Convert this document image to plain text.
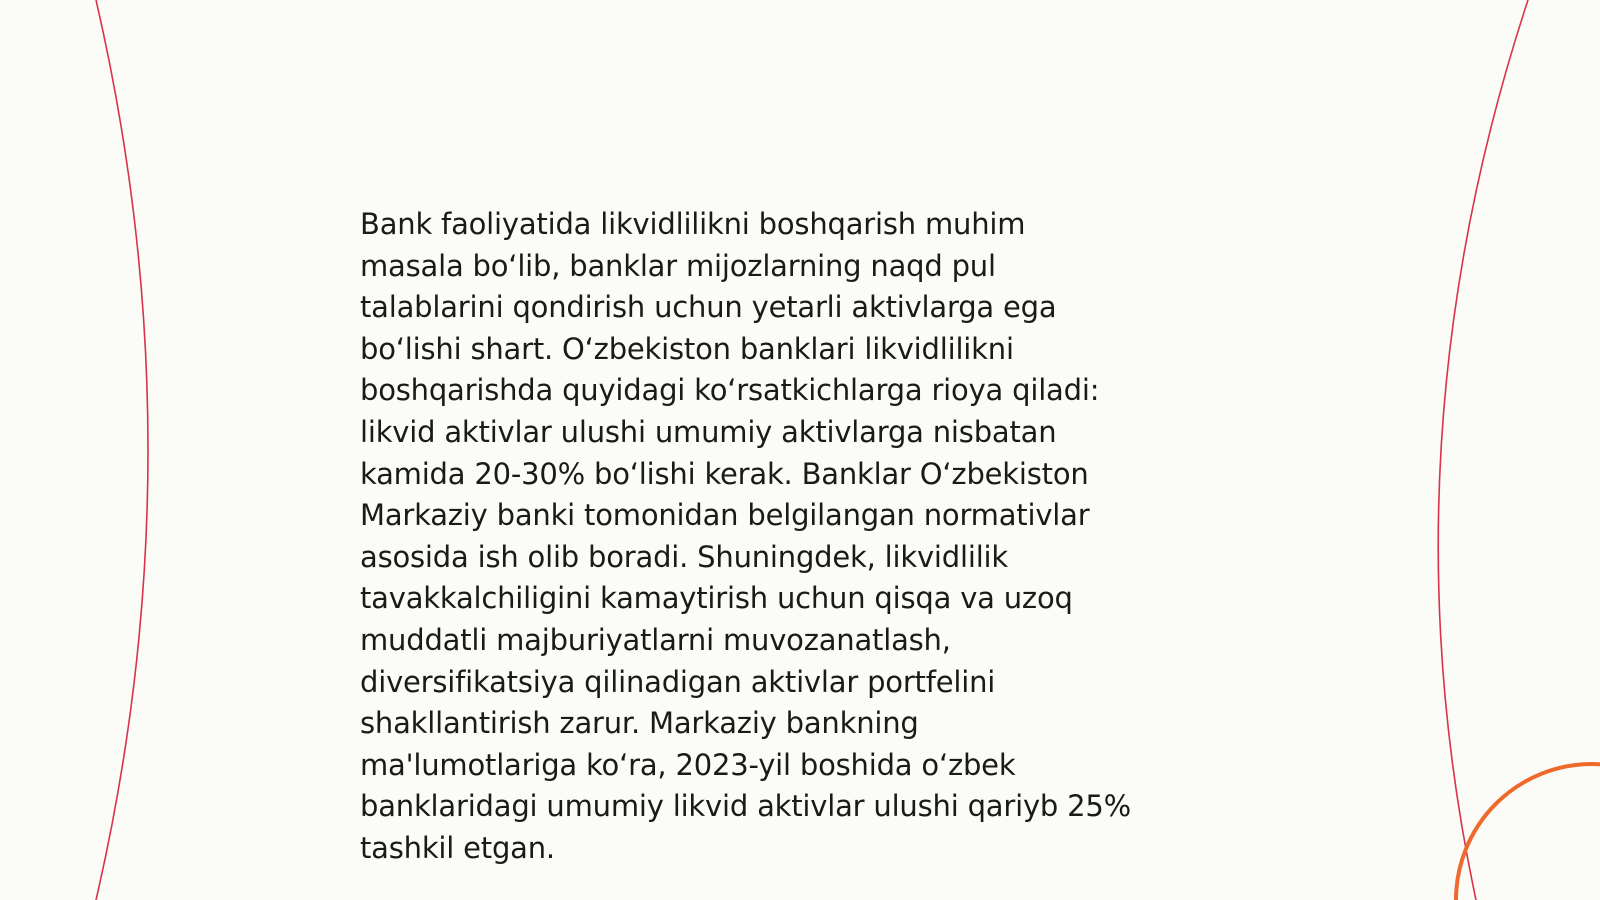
Bank faoliyatida likvidlilikni boshqarish muhim
masala bo‘lib, banklar mijozlarning naqd pul
talablarini qondirish uchun yetarli aktivlarga ega
bo‘lishi shart. O‘zbekiston banklari likvidlilikni
boshqarishda quyidagi ko‘rsatkichlarga rioya qiladi:
likvid aktivlar ulushi umumiy aktivlarga nisbatan
kamida 20-30% bo‘lishi kerak. Banklar O‘zbekiston
Markaziy banki tomonidan belgilangan normativlar
asosida ish olib boradi. Shuningdek, likvidlilik
tavakkalchiligini kamaytirish uchun qisqa va uzoq
muddatli majburiyatlarni muvozanatlash,
diversifikatsiya qilinadigan aktivlar portfelini
shakllantirish zarur. Markaziy bankning
ma'lumotlariga ko‘ra, 2023-yil boshida o‘zbek
banklaridagi umumiy likvid aktivlar ulushi qariyb 25%
tashkil etgan.
